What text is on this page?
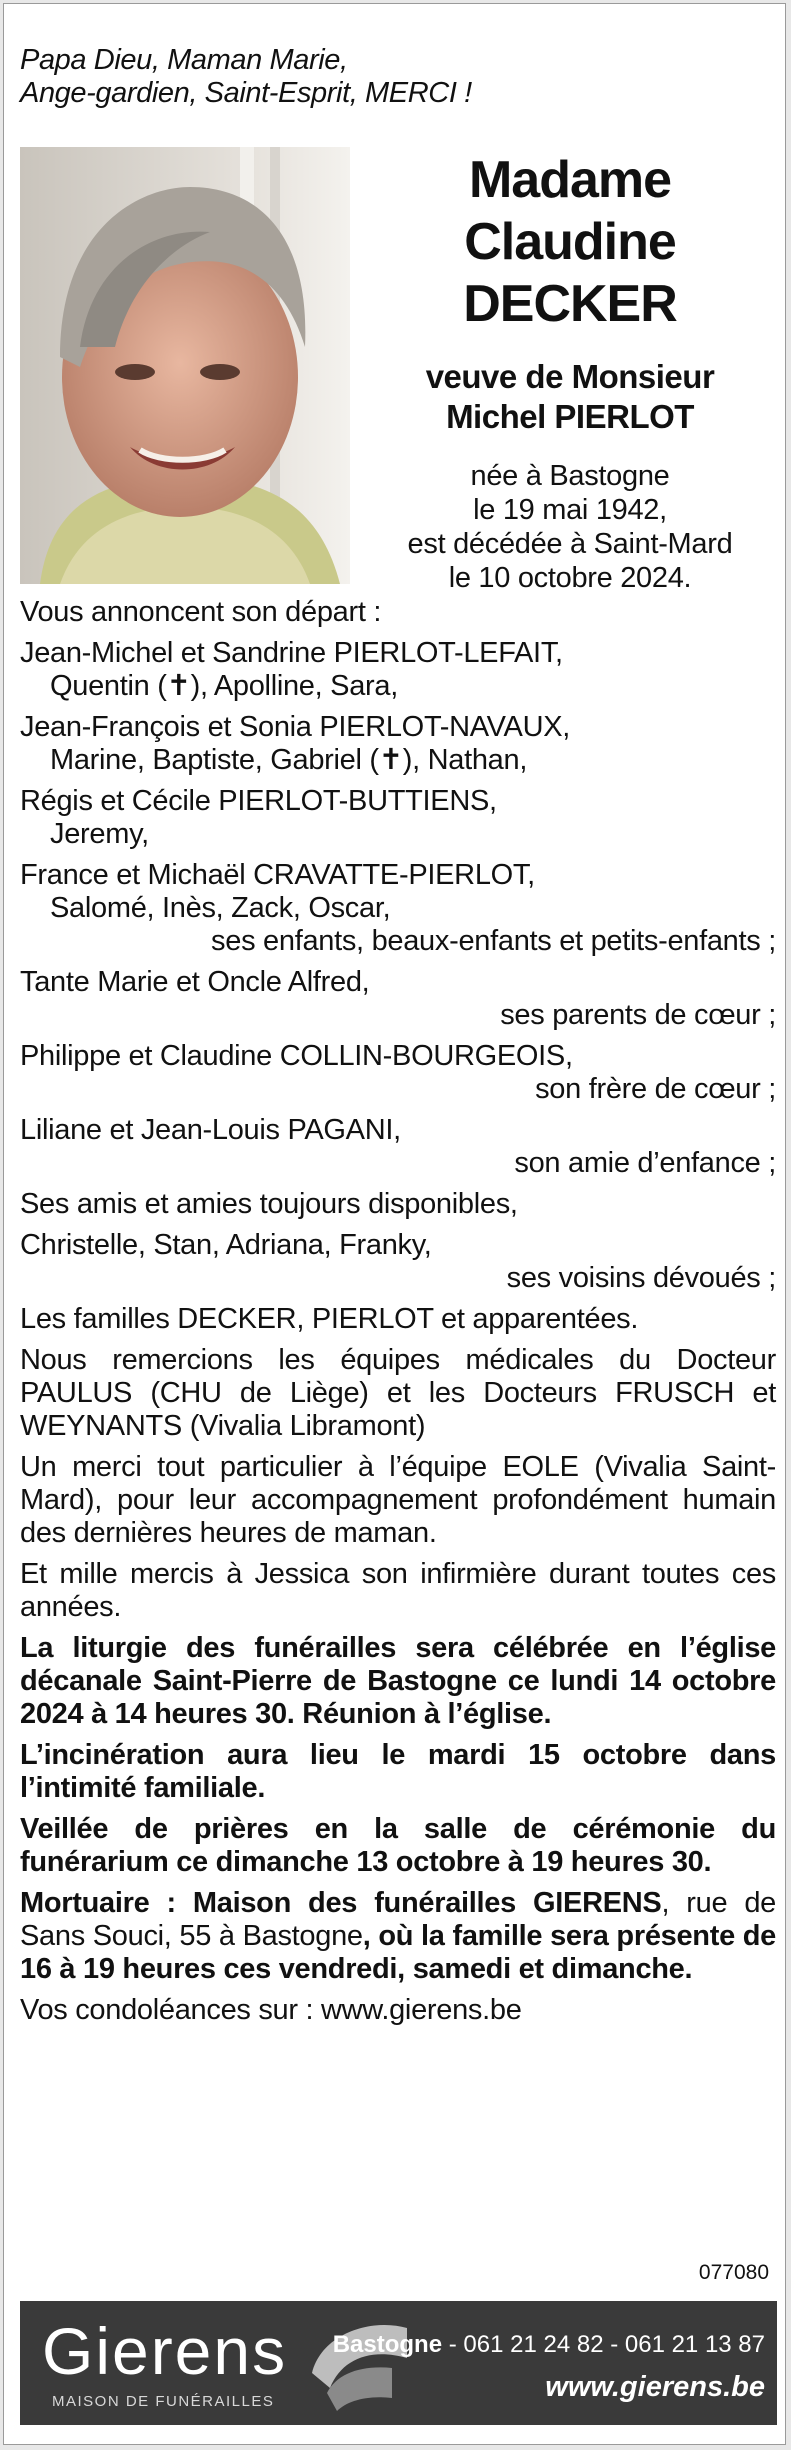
Papa Dieu, Maman Marie,
Ange-gardien, Saint-Esprit, MERCI !
Madame
Claudine DECKER
veuve de Monsieur
Michel PIERLOT
née à Bastogne
le 19 mai 1942,
est décédée à Saint-Mard
le 10 octobre 2024.
Vous annoncent son départ :
Jean-Michel et Sandrine PIERLOT-LEFAIT,
Quentin (✝), Apolline, Sara,
Jean-François et Sonia PIERLOT-NAVAUX,
Marine, Baptiste, Gabriel (✝), Nathan,
Régis et Cécile PIERLOT-BUTTIENS,
Jeremy,
France et Michaël CRAVATTE-PIERLOT,
Salomé, Inès, Zack, Oscar,
ses enfants, beaux-enfants et petits-enfants ;
Tante Marie et Oncle Alfred,
ses parents de cœur ;
Philippe et Claudine COLLIN-BOURGEOIS,
son frère de cœur ;
Liliane et Jean-Louis PAGANI,
son amie d’enfance ;
Ses amis et amies toujours disponibles,
Christelle, Stan, Adriana, Franky,
ses voisins dévoués ;
Les familles DECKER, PIERLOT et apparentées.
Nous remercions les équipes médicales du Docteur PAULUS (CHU de Liège) et les Docteurs FRUSCH et WEYNANTS (Vivalia Libramont)
Un merci tout particulier à l’équipe EOLE (Vivalia Saint-Mard), pour leur accompagnement profondément humain des dernières heures de maman.
Et mille mercis à Jessica son infirmière durant toutes ces années.
La liturgie des funérailles sera célébrée en l’église décanale Saint-Pierre de Bastogne ce lundi 14 octobre 2024 à 14 heures 30. Réunion à l’église.
L’incinération aura lieu le mardi 15 octobre dans l’intimité familiale.
Veillée de prières en la salle de cérémonie du funérarium ce dimanche 13 octobre à 19 heures 30.
Mortuaire : Maison des funérailles GIERENS, rue de Sans Souci, 55 à Bastogne, où la famille sera présente de 16 à 19 heures ces vendredi, samedi et dimanche.
Vos condoléances sur : www.gierens.be
077080
Gierens
MAISON DE FUNÉRAILLES
Bastogne - 061 21 24 82 - 061 21 13 87
www.gierens.be
